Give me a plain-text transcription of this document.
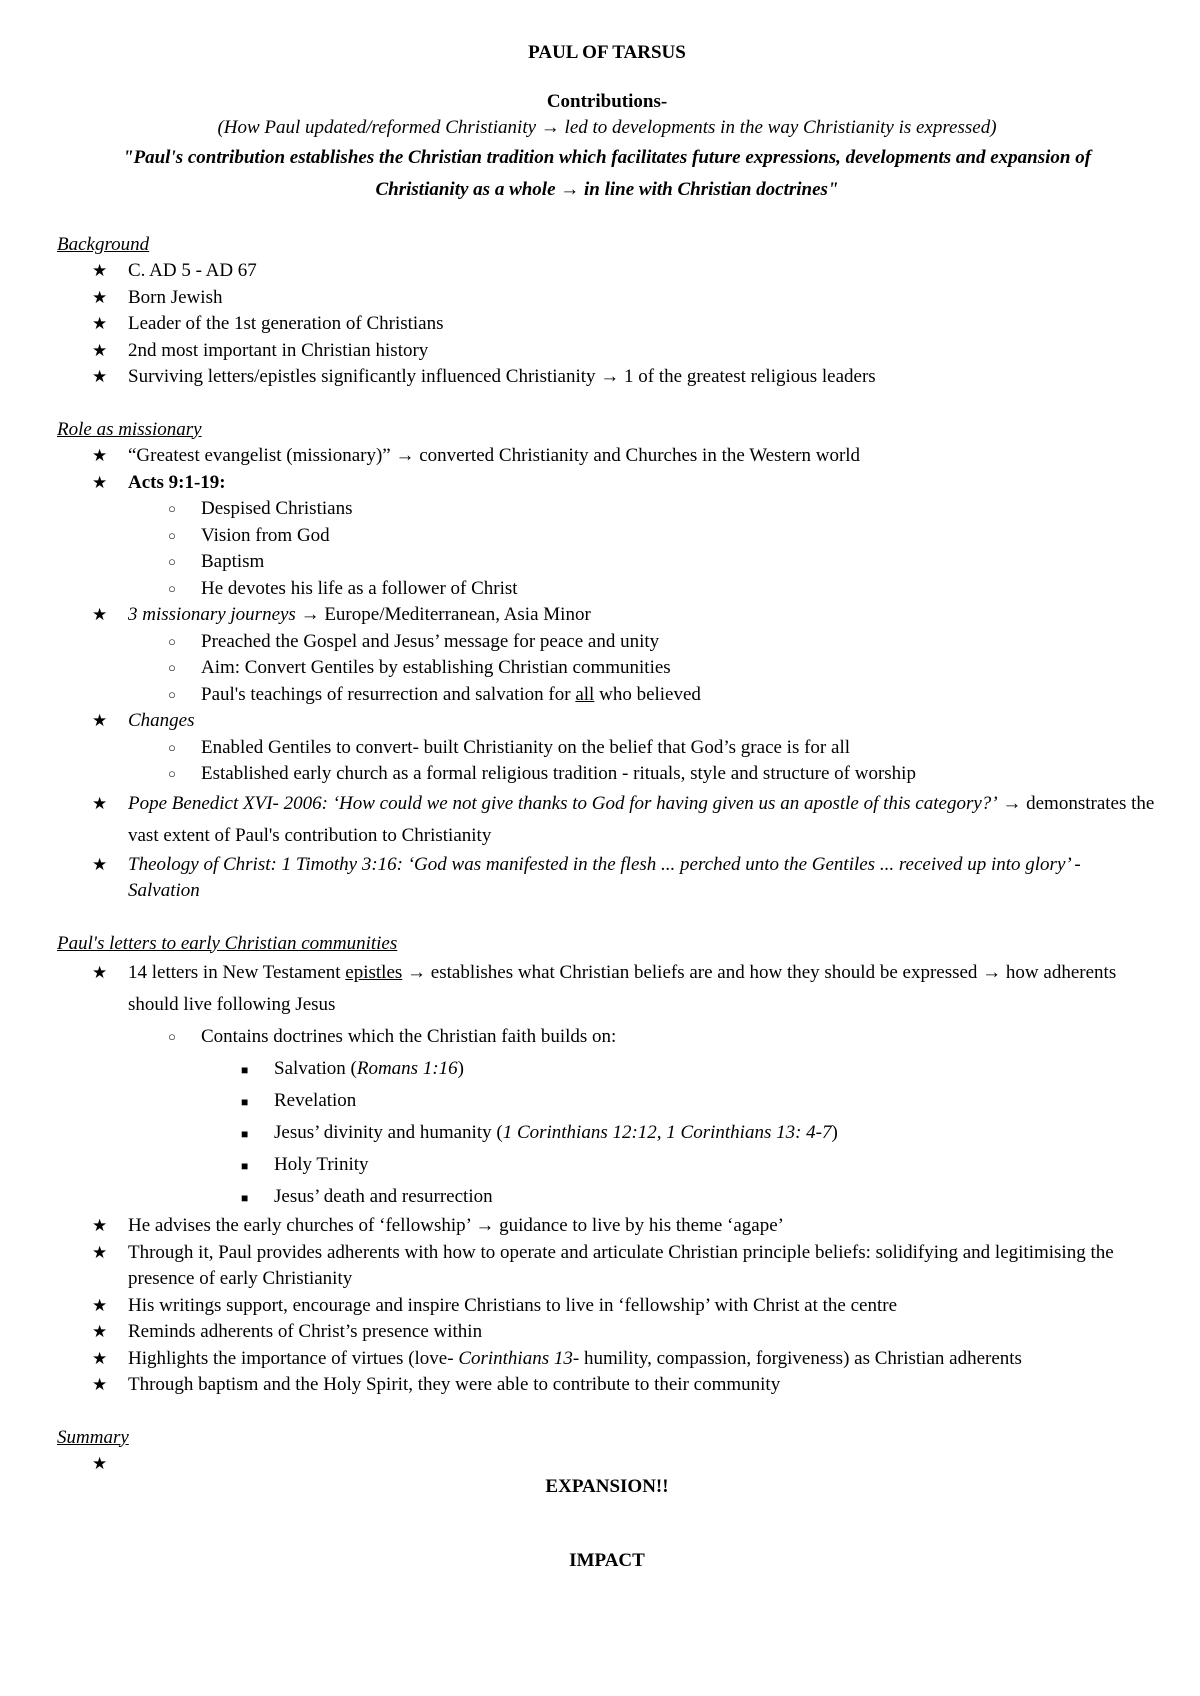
PAUL OF TARSUS
Contributions-
(How Paul updated/reformed Christianity → led to developments in the way Christianity is expressed)
"Paul's contribution establishes the Christian tradition which facilitates future expressions, developments and expansion of Christianity as a whole → in line with Christian doctrines"
Background
★ C. AD 5 - AD 67
★ Born Jewish
★ Leader of the 1st generation of Christians
★ 2nd most important in Christian history
★ Surviving letters/epistles significantly influenced Christianity → 1 of the greatest religious leaders
Role as missionary
★ “Greatest evangelist (missionary)” → converted Christianity and Churches in the Western world
★ Acts 9:1-19:
○ Despised Christians
○ Vision from God
○ Baptism
○ He devotes his life as a follower of Christ
★ 3 missionary journeys → Europe/Mediterranean, Asia Minor
○ Preached the Gospel and Jesus’ message for peace and unity
○ Aim: Convert Gentiles by establishing Christian communities
○ Paul's teachings of resurrection and salvation for all who believed
★ Changes
○ Enabled Gentiles to convert- built Christianity on the belief that God’s grace is for all
○ Established early church as a formal religious tradition - rituals, style and structure of worship
★ Pope Benedict XVI- 2006: ‘How could we not give thanks to God for having given us an apostle of this category?’ → demonstrates the vast extent of Paul's contribution to Christianity
★ Theology of Christ: 1 Timothy 3:16: ‘God was manifested in the flesh ... perched unto the Gentiles ... received up into glory’ - Salvation
Paul's letters to early Christian communities
★ 14 letters in New Testament epistles → establishes what Christian beliefs are and how they should be expressed → how adherents should live following Jesus
○ Contains doctrines which the Christian faith builds on:
■ Salvation (Romans 1:16)
■ Revelation
■ Jesus’ divinity and humanity (1 Corinthians 12:12, 1 Corinthians 13: 4-7)
■ Holy Trinity
■ Jesus’ death and resurrection
★ He advises the early churches of ‘fellowship’ → guidance to live by his theme ‘agape’
★ Through it, Paul provides adherents with how to operate and articulate Christian principle beliefs: solidifying and legitimising the presence of early Christianity
★ His writings support, encourage and inspire Christians to live in ‘fellowship’ with Christ at the centre
★ Reminds adherents of Christ’s presence within
★ Highlights the importance of virtues (love- Corinthians 13- humility, compassion, forgiveness) as Christian adherents
★ Through baptism and the Holy Spirit, they were able to contribute to their community
Summary
★

EXPANSION!!
IMPACT
